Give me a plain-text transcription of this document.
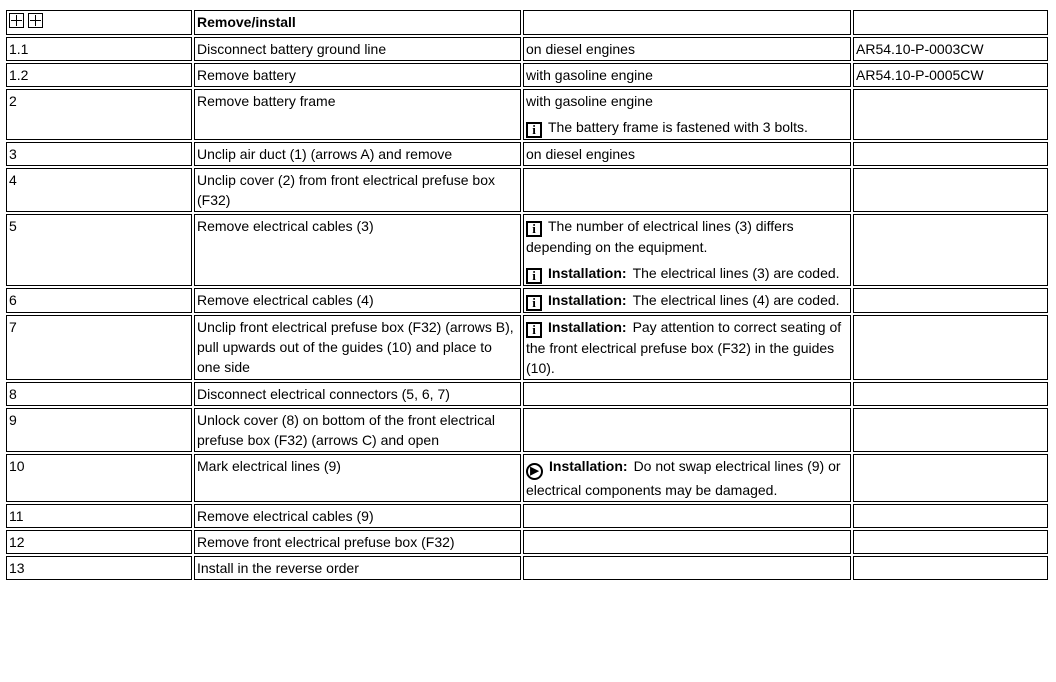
	Remove/install		
1.1	Disconnect battery ground line	on diesel engines	AR54.10-P-0003CW
1.2	Remove battery	with gasoline engine	AR54.10-P-0005CW
2	Remove battery frame	with gasoline engine
i The battery frame is fastened with 3 bolts.	

3	Unclip air duct (1) (arrows A) and remove	on diesel engines	

4	Unclip cover (2) from front electrical prefuse box (F32)		
5	Remove electrical cables (3)	i The number of electrical lines (3) differs depending on the equipment.
i Installation: The electrical lines (3) are coded.	

6	Remove electrical cables (4)	i Installation: The electrical lines (4) are coded.	

7	Unclip front electrical prefuse box (F32) (arrows B), pull upwards out of the guides (10) and place to one side	i Installation: Pay attention to correct seating of the front electrical prefuse box (F32) in the guides (10).	

8	Disconnect electrical connectors (5, 6, 7)		
9	Unlock cover (8) on bottom of the front electrical prefuse box (F32) (arrows C) and open		
10	Mark electrical lines (9)	▶ Installation: Do not swap electrical lines (9) or electrical components may be damaged.	

11	Remove electrical cables (9)		
12	Remove front electrical prefuse box (F32)		
13	Install in the reverse order		
